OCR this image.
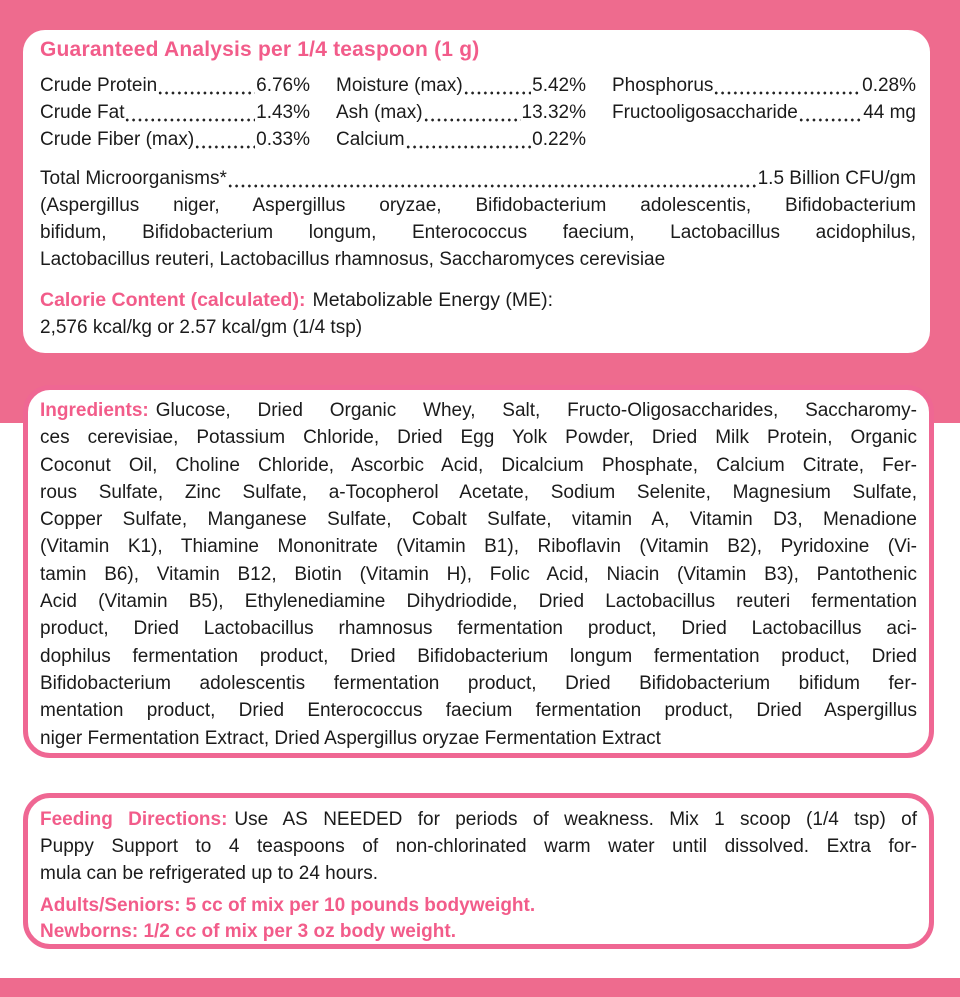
Guaranteed Analysis per 1/4 teaspoon (1 g)
Crude Protein	6.76%
Crude Fat	1.43%
Crude Fiber (max)	0.33%
Moisture (max)	5.42%
Ash (max)	13.32%
Calcium	0.22%
Phosphorus	0.28%
Fructooligosaccharide	44 mg
Total Microorganisms*	1.5 Billion CFU/gm
(Aspergillus niger, Aspergillus oryzae, Bifidobacterium adolescentis, Bifidobacterium
bifidum, Bifidobacterium longum, Enterococcus faecium, Lactobacillus acidophilus,
Lactobacillus reuteri, Lactobacillus rhamnosus, Saccharomyces cerevisiae
Calorie Content (calculated): Metabolizable Energy (ME):
2,576 kcal/kg or 2.57 kcal/gm (1/4 tsp)
Ingredients: Glucose, Dried Organic Whey, Salt, Fructo-Oligosaccharides, Saccharomy-
ces cerevisiae, Potassium Chloride, Dried Egg Yolk Powder, Dried Milk Protein, Organic
Coconut Oil, Choline Chloride, Ascorbic Acid, Dicalcium Phosphate, Calcium Citrate, Fer-
rous Sulfate, Zinc Sulfate, a-Tocopherol Acetate, Sodium Selenite, Magnesium Sulfate,
Copper Sulfate, Manganese Sulfate, Cobalt Sulfate, vitamin A, Vitamin D3, Menadione
(Vitamin K1), Thiamine Mononitrate (Vitamin B1), Riboflavin (Vitamin B2), Pyridoxine (Vi-
tamin B6), Vitamin B12, Biotin (Vitamin H), Folic Acid, Niacin (Vitamin B3), Pantothenic
Acid (Vitamin B5), Ethylenediamine Dihydriodide, Dried Lactobacillus reuteri fermentation
product, Dried Lactobacillus rhamnosus fermentation product, Dried Lactobacillus aci-
dophilus fermentation product, Dried Bifidobacterium longum fermentation product, Dried
Bifidobacterium adolescentis fermentation product, Dried Bifidobacterium bifidum fer-
mentation product, Dried Enterococcus faecium fermentation product, Dried Aspergillus
niger Fermentation Extract, Dried Aspergillus oryzae Fermentation Extract
Feeding Directions: Use AS NEEDED for periods of weakness. Mix 1 scoop (1/4 tsp) of
Puppy Support to 4 teaspoons of non-chlorinated warm water until dissolved. Extra for-
mula can be refrigerated up to 24 hours.
Adults/Seniors: 5 cc of mix per 10 pounds bodyweight.
Newborns: 1/2 cc of mix per 3 oz body weight.
